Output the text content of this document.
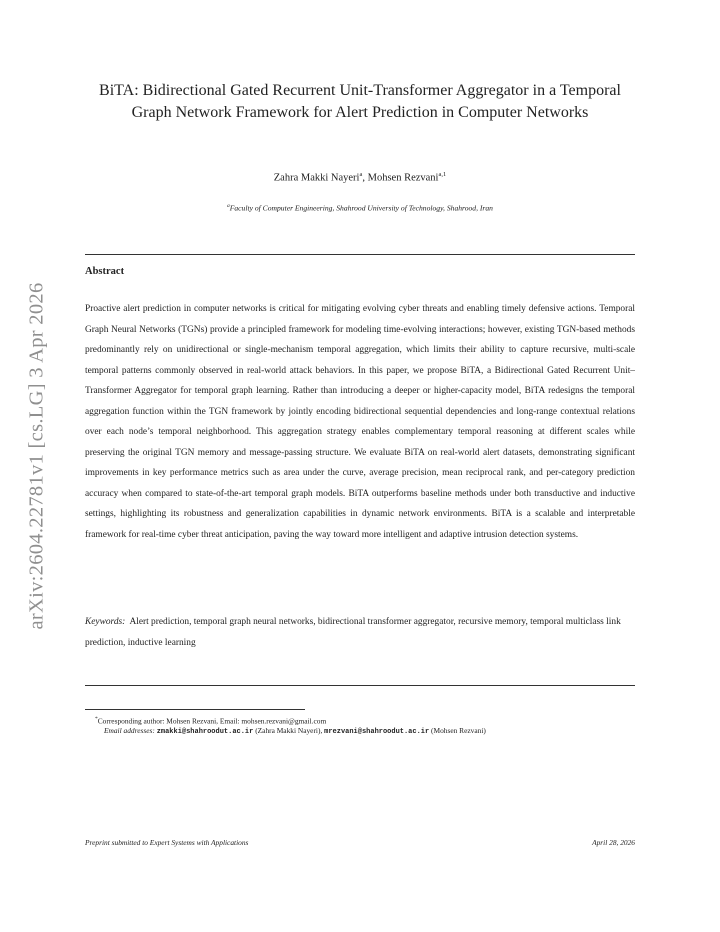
arXiv:2604.22781v1 [cs.LG] 3 Apr 2026
BiTA: Bidirectional Gated Recurrent Unit-Transformer Aggregator in a Temporal Graph Network Framework for Alert Prediction in Computer Networks
Zahra Makki Nayeri$^a$, Mohsen Rezvani$^{a,1}$
$^a$Faculty of Computer Engineering, Shahrood University of Technology, Shahrood, Iran
Abstract
Proactive alert prediction in computer networks is critical for mitigating evolving cyber threats and enabling timely defensive actions. Temporal Graph Neural Networks (TGNs) provide a principled framework for modeling time-evolving interactions; however, existing TGN-based methods predominantly rely on unidirectional or single-mechanism temporal aggregation, which limits their ability to capture recursive, multi-scale temporal patterns commonly observed in real-world attack behaviors. In this paper, we propose BiTA, a Bidirectional Gated Recurrent Unit–Transformer Aggregator for temporal graph learning. Rather than introducing a deeper or higher-capacity model, BiTA redesigns the temporal aggregation function within the TGN framework by jointly encoding bidirectional sequential dependencies and long-range contextual relations over each node’s temporal neighborhood. This aggregation strategy enables complementary temporal reasoning at different scales while preserving the original TGN memory and message-passing structure. We evaluate BiTA on real-world alert datasets, demonstrating significant improvements in key performance metrics such as area under the curve, average precision, mean reciprocal rank, and per-category prediction accuracy when compared to state-of-the-art temporal graph models. BiTA outperforms baseline methods under both transductive and inductive settings, highlighting its robustness and generalization capabilities in dynamic network environments. BiTA is a scalable and interpretable framework for real-time cyber threat anticipation, paving the way toward more intelligent and adaptive intrusion detection systems.
Keywords: Alert prediction, temporal graph neural networks, bidirectional transformer aggregator, recursive memory, temporal multiclass link prediction, inductive learning
*Corresponding author: Mohsen Rezvani, Email: mohsen.rezvani@gmail.com
Email addresses: zmakki@shahroodut.ac.ir (Zahra Makki Nayeri), mrezvani@shahroodut.ac.ir (Mohsen Rezvani)
Preprint submitted to Expert Systems with Applications	April 28, 2026
